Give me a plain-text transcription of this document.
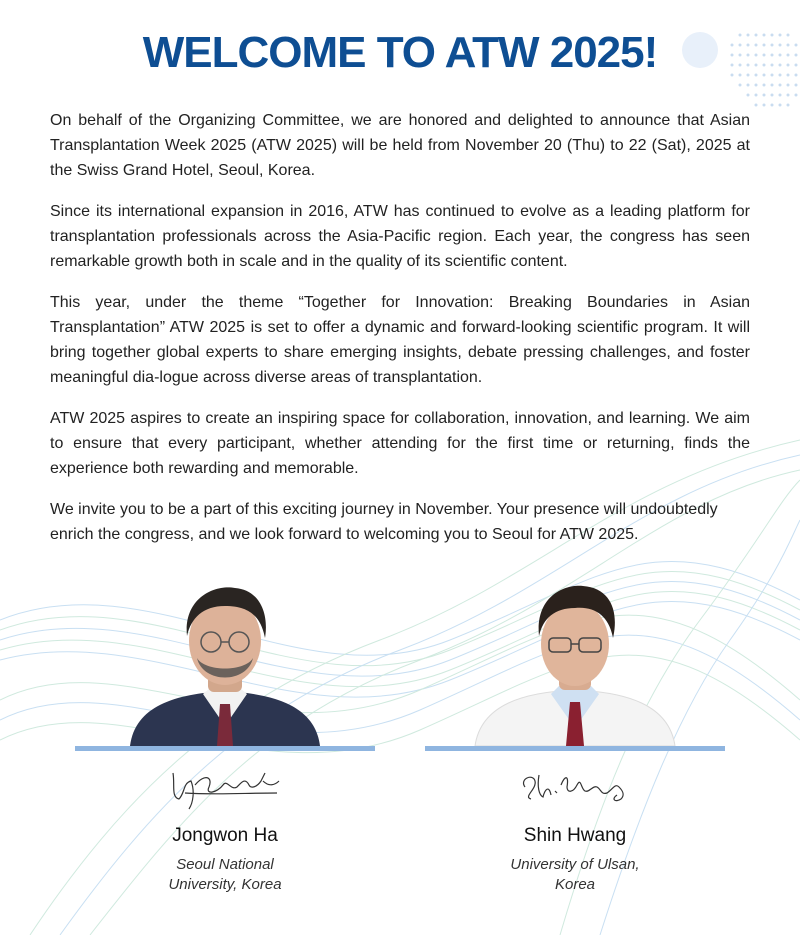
WELCOME TO ATW 2025!

On behalf of the Organizing Committee, we are honored and delighted to announce that Asian Transplantation Week 2025 (ATW 2025) will be held from November 20 (Thu) to 22 (Sat), 2025 at the Swiss Grand Hotel, Seoul, Korea.

Since its international expansion in 2016, ATW has continued to evolve as a leading platform for transplantation professionals across the Asia-Pacific region. Each year, the congress has seen remarkable growth both in scale and in the quality of its scientific content.

This year, under the theme “Together for Innovation: Breaking Boundaries in Asian Transplantation” ATW 2025 is set to offer a dynamic and forward-looking scientific program. It will bring together global experts to share emerging insights, debate pressing challenges, and foster meaningful dia-logue across diverse areas of transplantation.

ATW 2025 aspires to create an inspiring space for collaboration, innovation, and learning. We aim to ensure that every participant, whether attending for the first time or returning, finds the experience both rewarding and memorable.

We invite you to be a part of this exciting journey in November. Your presence will undoubtedly enrich the congress, and we look forward to welcoming you to Seoul for ATW 2025.

Jongwon Ha
Seoul National
University, Korea
Shin Hwang
University of Ulsan,
Korea
